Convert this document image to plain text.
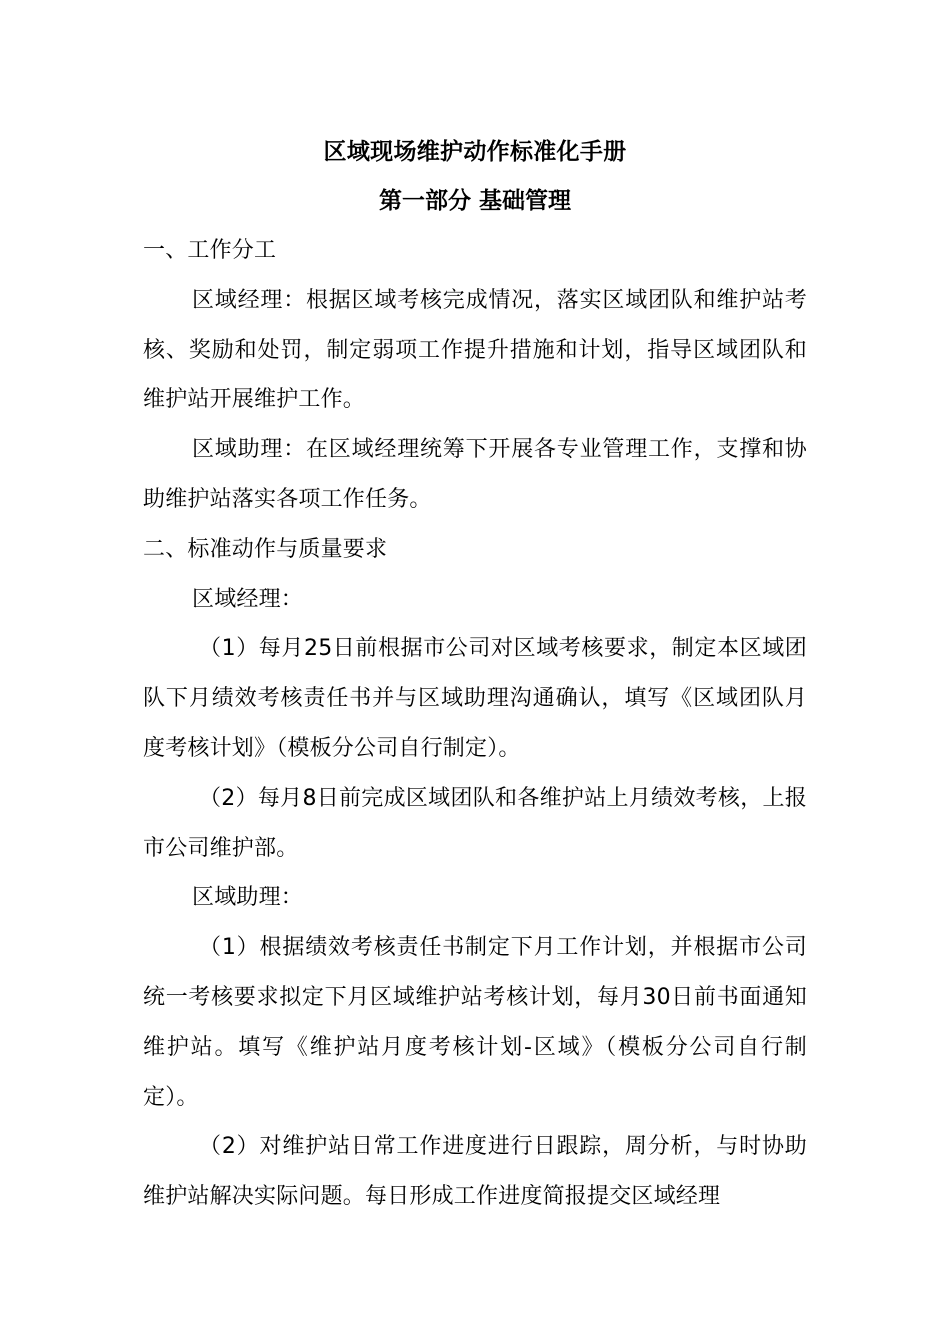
区域现场维护动作标准化手册

第一部分 基础管理

一、工作分工

区域经理：根据区域考核完成情况，落实区域团队和维护站考核、奖励和处罚，制定弱项工作提升措施和计划，指导区域团队和维护站开展维护工作。

区域助理：在区域经理统筹下开展各专业管理工作，支撑和协助维护站落实各项工作任务。

二、标准动作与质量要求

区域经理：

（1）每月25日前根据市公司对区域考核要求，制定本区域团队下月绩效考核责任书并与区域助理沟通确认，填写《区域团队月度考核计划》（模板分公司自行制定）。

（2）每月8日前完成区域团队和各维护站上月绩效考核，上报市公司维护部。

区域助理：

（1）根据绩效考核责任书制定下月工作计划，并根据市公司统一考核要求拟定下月区域维护站考核计划，每月30日前书面通知维护站。填写《维护站月度考核计划-区域》（模板分公司自行制定）。

（2）对维护站日常工作进度进行日跟踪，周分析，与时协助维护站解决实际问题。每日形成工作进度简报提交区域经理
